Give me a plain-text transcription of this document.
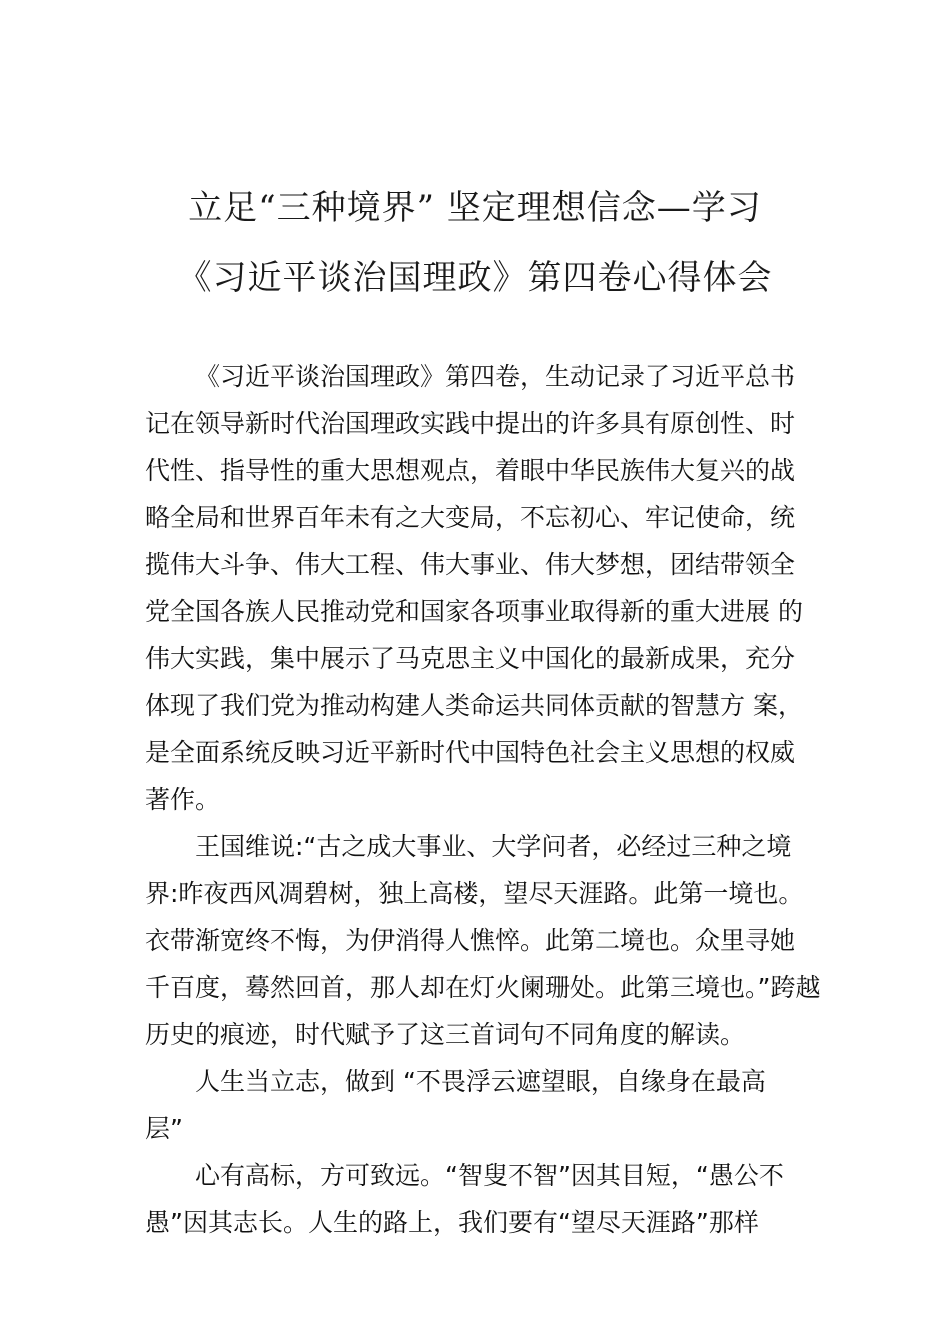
立足“三种境界” 坚定理想信念—学习
《习近平谈治国理政》第四卷心得体会
《习近平谈治国理政》第四卷，生动记录了习近平总书
记在领导新时代治国理政实践中提出的许多具有原创性、时
代性、指导性的重大思想观点，着眼中华民族伟大复兴的战
略全局和世界百年未有之大变局，不忘初心、牢记使命，统
揽伟大斗争、伟大工程、伟大事业、伟大梦想，团结带领全
党全国各族人民推动党和国家各项事业取得新的重大进展 的
伟大实践，集中展示了马克思主义中国化的最新成果，充分
体现了我们党为推动构建人类命运共同体贡献的智慧方 案，
是全面系统反映习近平新时代中国特色社会主义思想的权威
著作。
王国维说:“古之成大事业、大学问者，必经过三种之境
界:昨夜西风凋碧树，独上高楼，望尽天涯路。此第一境也。
衣带渐宽终不悔，为伊消得人憔悴。此第二境也。众里寻她
千百度，蓦然回首，那人却在灯火阑珊处。此第三境也。”跨越
历史的痕迹，时代赋予了这三首词句不同角度的解读。
人生当立志，做到 “不畏浮云遮望眼，自缘身在最高
层”
心有高标，方可致远。“智叟不智”因其目短，“愚公不
愚”因其志长。人生的路上，我们要有“望尽天涯路”那样
